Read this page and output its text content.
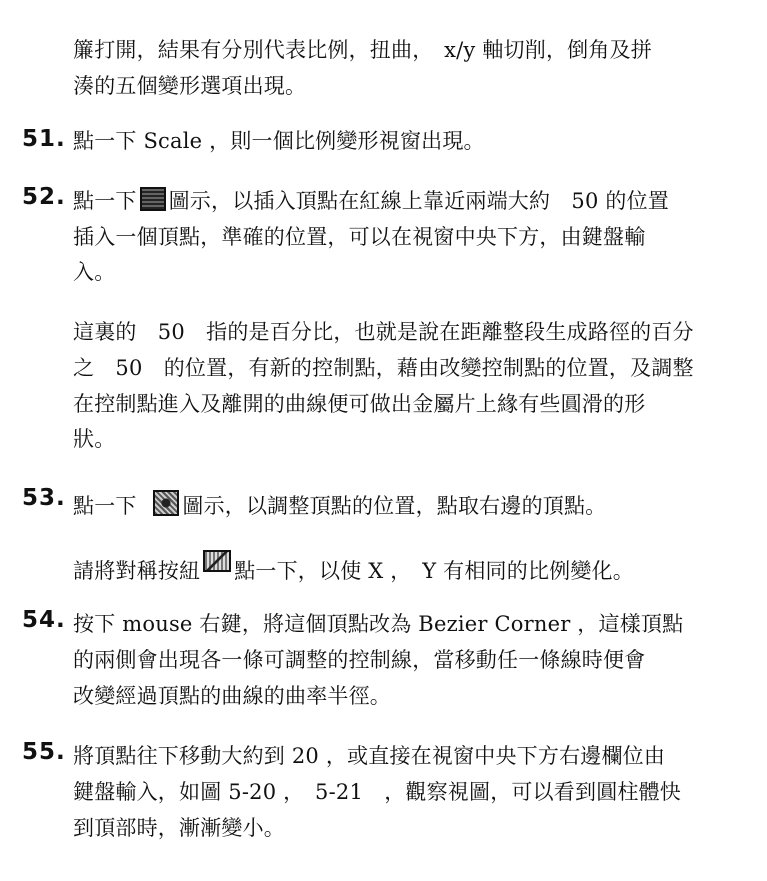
簾打開，結果有分別代表比例，扭曲，　x/y 軸切削，倒角及拼
湊的五個變形選項出現。
51. 點一下 Scale ，則一個比例變形視窗出現。
52. 點一下 圖示，以插入頂點在紅線上靠近兩端大約　50 的位置
插入一個頂點，準確的位置，可以在視窗中央下方，由鍵盤輸
入。
這裏的　50　指的是百分比，也就是說在距離整段生成路徑的百分
之　50　的位置，有新的控制點，藉由改變控制點的位置，及調整
在控制點進入及離開的曲線便可做出金屬片上緣有些圓滑的形
狀。
53. 點一下 圖示，以調整頂點的位置，點取右邊的頂點。
請將對稱按紐 點一下，以使 X ，　Y 有相同的比例變化。
54. 按下 mouse 右鍵，將這個頂點改為 Bezier Corner ，這樣頂點
的兩側會出現各一條可調整的控制線，當移動任一條線時便會
改變經過頂點的曲線的曲率半徑。
55. 將頂點往下移動大約到 20 ，或直接在視窗中央下方右邊欄位由
鍵盤輸入，如圖 5-20 ，　5-21　，觀察視圖，可以看到圓柱體快
到頂部時，漸漸變小。
